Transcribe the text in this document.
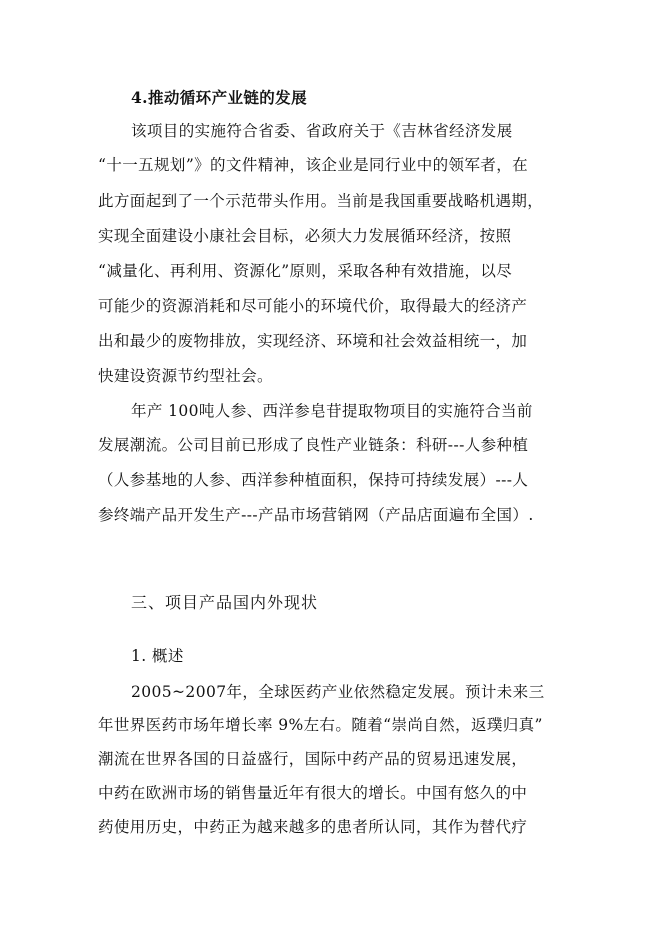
4.推动循环产业链的发展
该项目的实施符合省委、省政府关于《吉林省经济发展
“十一五规划”》的文件精神，该企业是同行业中的领军者，在
此方面起到了一个示范带头作用。当前是我国重要战略机遇期，
实现全面建设小康社会目标，必须大力发展循环经济，按照
“减量化、再利用、资源化”原则，采取各种有效措施，以尽
可能少的资源消耗和尽可能小的环境代价，取得最大的经济产
出和最少的废物排放，实现经济、环境和社会效益相统一，加
快建设资源节约型社会。
年产 100吨人参、西洋参皂苷提取物项目的实施符合当前
发展潮流。公司目前已形成了良性产业链条：科研---人参种植
（人参基地的人参、西洋参种植面积，保持可持续发展）---人
参终端产品开发生产---产品市场营销网（产品店面遍布全国）.
三、项目产品国内外现状
1. 概述
2005~2007年，全球医药产业依然稳定发展。预计未来三
年世界医药市场年增长率 9%左右。随着“崇尚自然，返璞归真”
潮流在世界各国的日益盛行，国际中药产品的贸易迅速发展，
中药在欧洲市场的销售量近年有很大的增长。中国有悠久的中
药使用历史，中药正为越来越多的患者所认同，其作为替代疗
